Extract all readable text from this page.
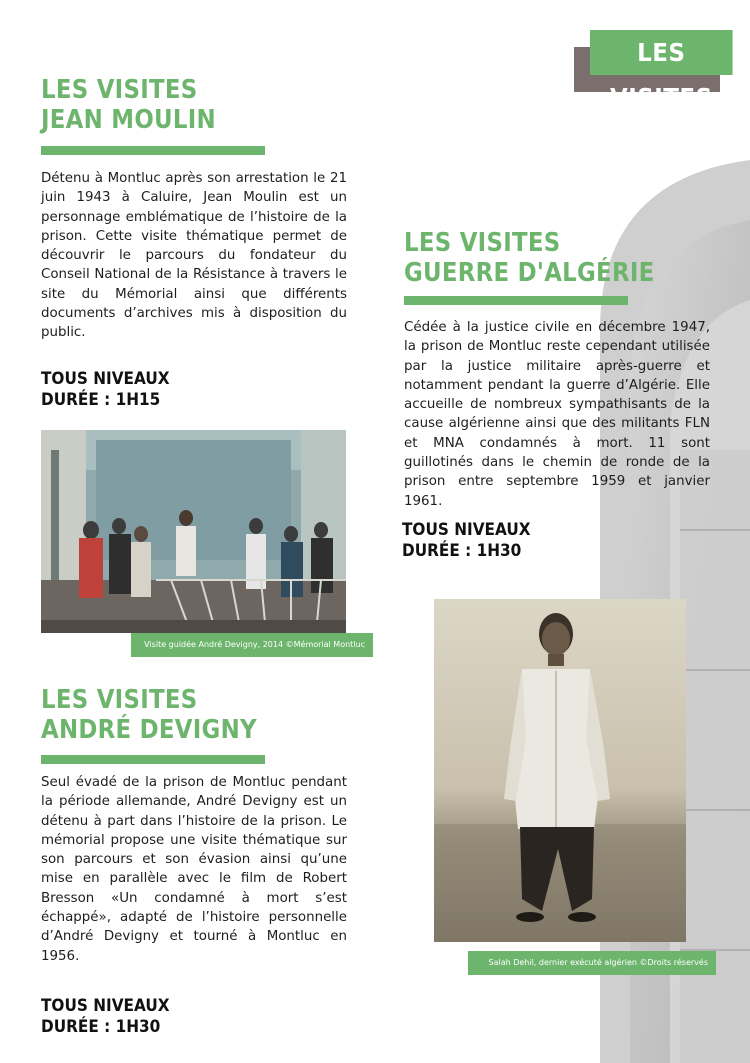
LES VISITES
LES VISITES
JEAN MOULIN

Détenu à Montluc après son arrestation le 21 juin 1943 à Caluire, Jean Moulin est un personnage emblématique de l’histoire de la prison. Cette visite thématique permet de découvrir le parcours du fondateur du Conseil National de la Résistance à travers le site du Mémorial ainsi que différents documents d’archives mis à disposition du public.

TOUS NIVEAUX

DURÉE : 1H15

Visite guidée André Devigny, 2014 ©Mémorial Montluc
LES VISITES
GUERRE D'ALGÉRIE

Cédée à la justice civile en décembre 1947, la prison de Montluc reste cependant utilisée par la justice militaire après-guerre et notamment pendant la guerre d’Algérie. Elle accueille de nombreux sympathisants de la cause algérienne ainsi que des militants FLN et MNA condamnés à mort. 11 sont guillotinés dans le chemin de ronde de la prison entre septembre 1959 et janvier 1961.

TOUS NIVEAUX

DURÉE : 1H30

Salah Dehil, dernier exécuté algérien ©Droits réservés
LES VISITES
ANDRÉ DEVIGNY

Seul évadé de la prison de Montluc pendant la période allemande, André Devigny est un détenu à part dans l’histoire de la prison. Le mémorial propose une visite thématique sur son parcours et son évasion ainsi qu’une mise en parallèle avec le film de Robert Bresson «Un condamné à mort s’est échappé», adapté de l’histoire personnelle d’André Devigny et tourné à Montluc en 1956.

TOUS NIVEAUX

DURÉE : 1H30
